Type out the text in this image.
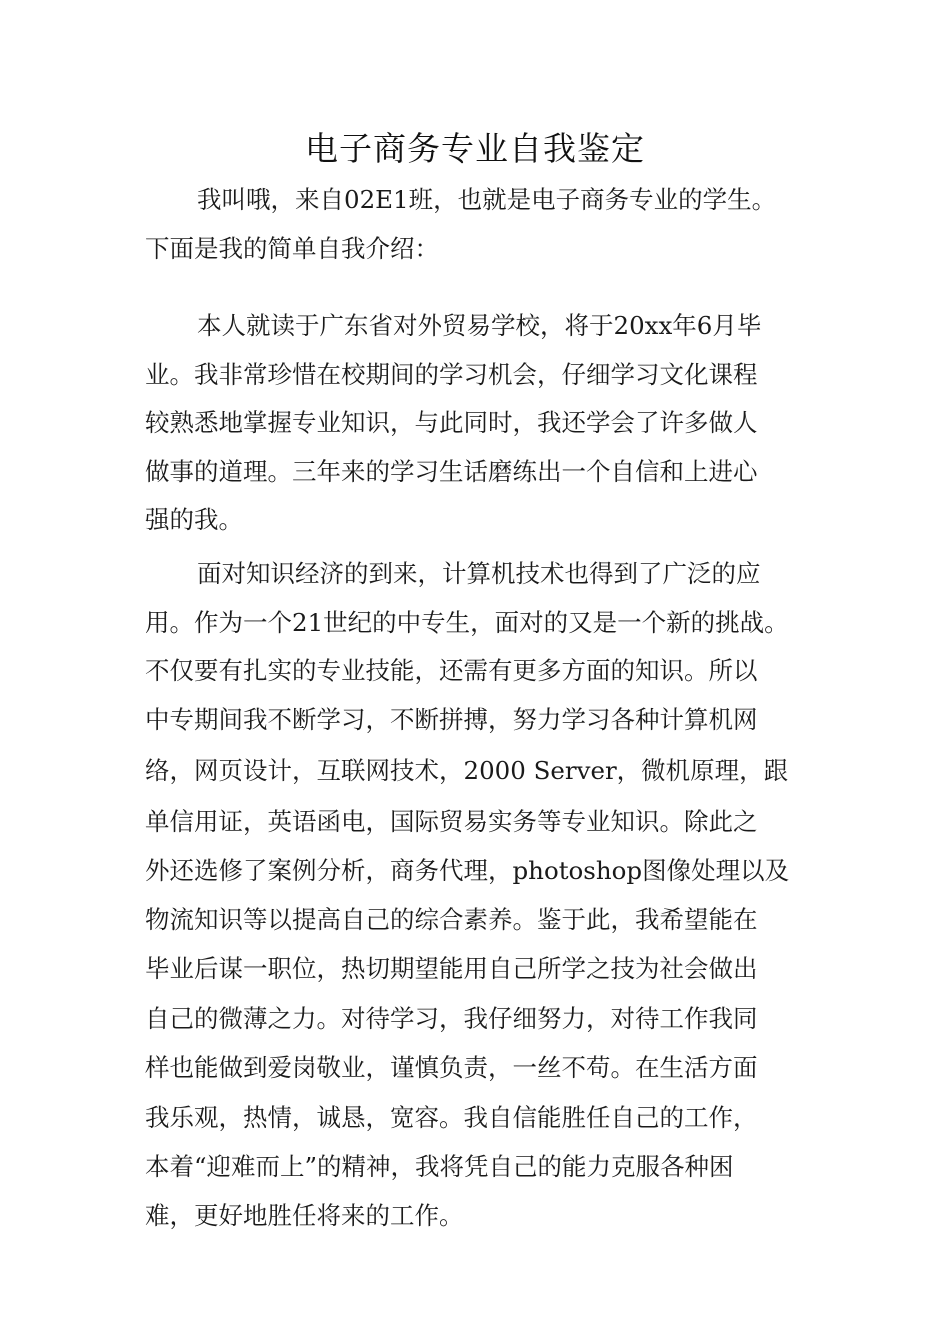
电子商务专业自我鉴定
我叫哦，来自02E1班，也就是电子商务专业的学生。
下面是我的简单自我介绍：
本人就读于广东省对外贸易学校，将于20xx年6月毕
业。我非常珍惜在校期间的学习机会，仔细学习文化课程
较熟悉地掌握专业知识，与此同时，我还学会了许多做人
做事的道理。三年来的学习生话磨练出一个自信和上进心
强的我。
面对知识经济的到来，计算机技术也得到了广泛的应
用。作为一个21世纪的中专生，面对的又是一个新的挑战。
不仅要有扎实的专业技能，还需有更多方面的知识。所以
中专期间我不断学习，不断拼搏，努力学习各种计算机网
络，网页设计，互联网技术，2000 Server，微机原理，跟
单信用证，英语函电，国际贸易实务等专业知识。除此之
外还选修了案例分析，商务代理，photoshop图像处理以及
物流知识等以提高自己的综合素养。鉴于此，我希望能在
毕业后谋一职位，热切期望能用自己所学之技为社会做出
自己的微薄之力。对待学习，我仔细努力，对待工作我同
样也能做到爱岗敬业，谨慎负责，一丝不苟。在生活方面
我乐观，热情，诚恳，宽容。我自信能胜任自己的工作，
本着“迎难而上”的精神，我将凭自己的能力克服各种困
难，更好地胜任将来的工作。
